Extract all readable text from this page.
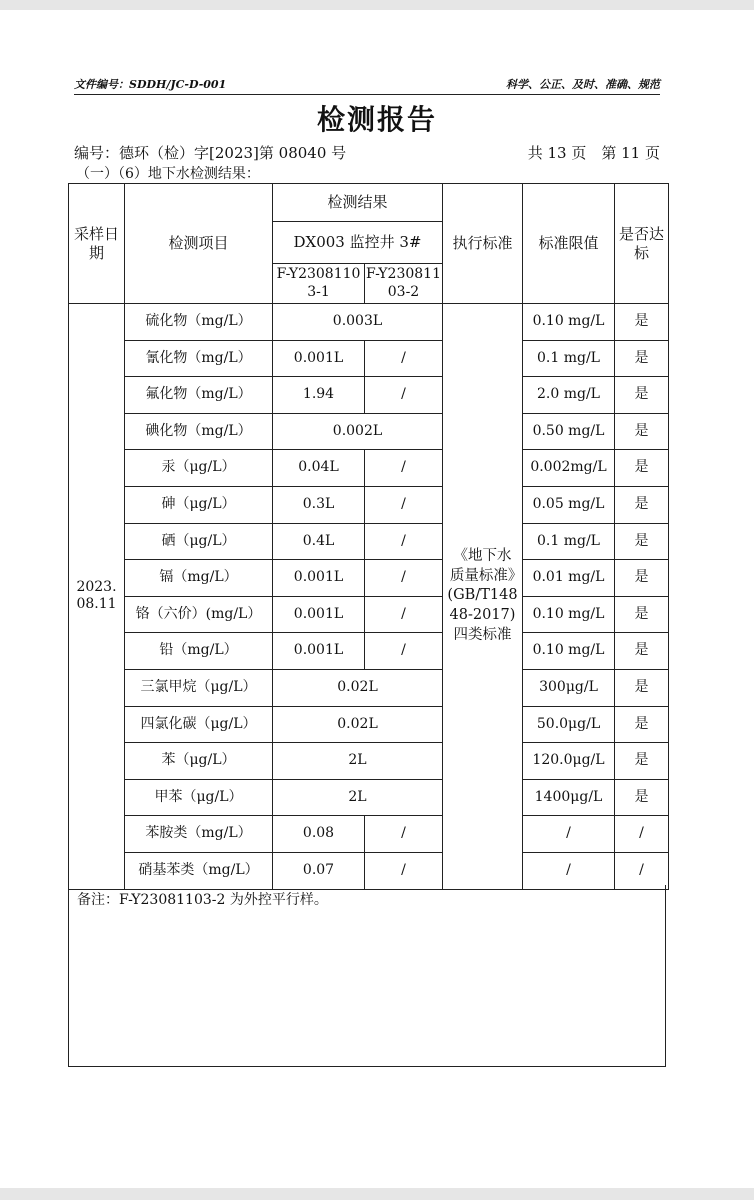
文件编号：SDDH/JC-D-001	科学、公正、及时、准确、规范
检测报告
编号：德环（检）字[2023]第 08040 号	共 13 页　第 11 页
（一）（6）地下水检测结果：
采样日期	检测项目	检测结果		执行标准	标准限值	是否达标
		DX003 监控井 3#				
		F-Y23081103-1	F-Y23081103-2			
2023.08.11	硫化物（mg/L）	0.003L		《地下水质量标准》(GB/T14848-2017)四类标准	0.10 mg/L	是
	氰化物（mg/L）	0.001L	/		0.1 mg/L	是
	氟化物（mg/L）	1.94	/		2.0 mg/L	是
	碘化物（mg/L）	0.002L			0.50 mg/L	是
	汞（μg/L）	0.04L	/		0.002mg/L	是
	砷（μg/L）	0.3L	/		0.05 mg/L	是
	硒（μg/L）	0.4L	/		0.1 mg/L	是
	镉（mg/L）	0.001L	/		0.01 mg/L	是
	铬（六价）(mg/L）	0.001L	/		0.10 mg/L	是
	铅（mg/L）	0.001L	/		0.10 mg/L	是
	三氯甲烷（μg/L）	0.02L			300μg/L	是
	四氯化碳（μg/L）	0.02L			50.0μg/L	是
	苯（μg/L）	2L			120.0μg/L	是
	甲苯（μg/L）	2L			1400μg/L	是
	苯胺类（mg/L）	0.08	/		/	/
	硝基苯类（mg/L）	0.07	/		/	/
备注：F-Y23081103-2 为外控平行样。
